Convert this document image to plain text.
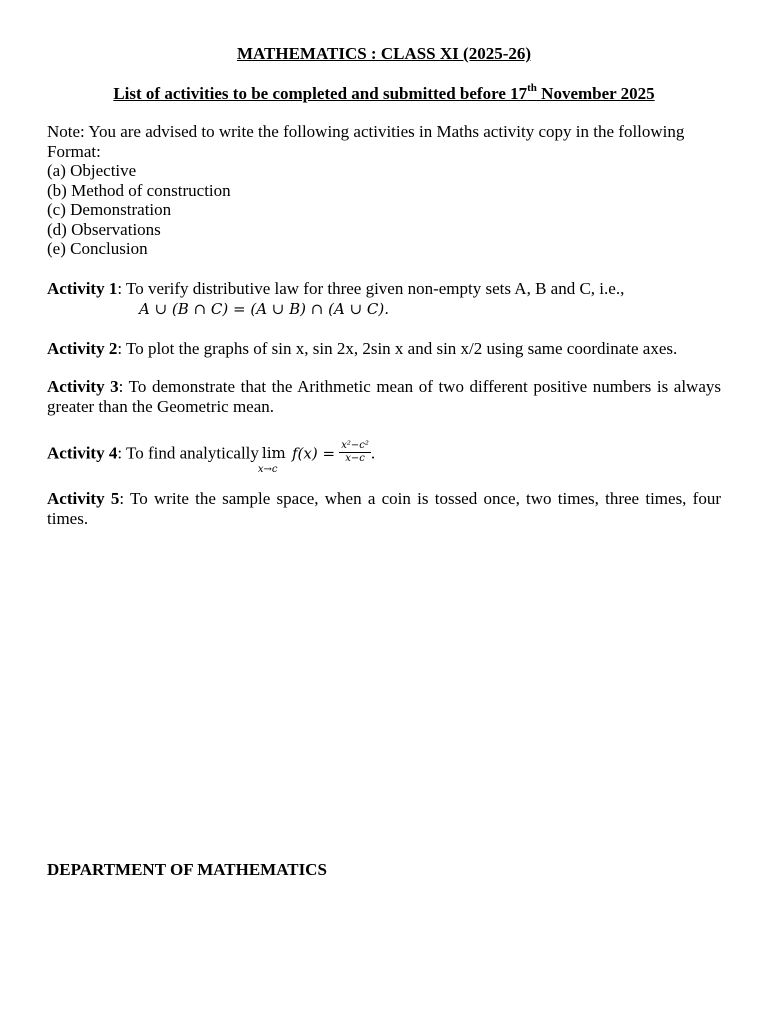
MATHEMATICS : CLASS XI (2025-26)
List of activities to be completed and submitted before 17th November 2025
Note: You are advised to write the following activities in Maths activity copy in the following Format:
(a) Objective
(b) Method of construction
(c) Demonstration
(d) Observations
(e) Conclusion
Activity 1: To verify distributive law for three given non-empty sets A, B and C, i.e.,
A ∪ (B ∩ C) = (A ∪ B) ∩ (A ∪ C).
Activity 2: To plot the graphs of sin x, sin 2x, 2sin x and sin x/2 using same coordinate axes.
Activity 3: To demonstrate that the Arithmetic mean of two different positive numbers is always greater than the Geometric mean.
Activity 4: To find analytically lim
x→c
$f(x) = \frac{\text{x²−c²}}{x-c}$ .
Activity 5: To write the sample space, when a coin is tossed once, two times, three times, four times.
DEPARTMENT OF MATHEMATICS
